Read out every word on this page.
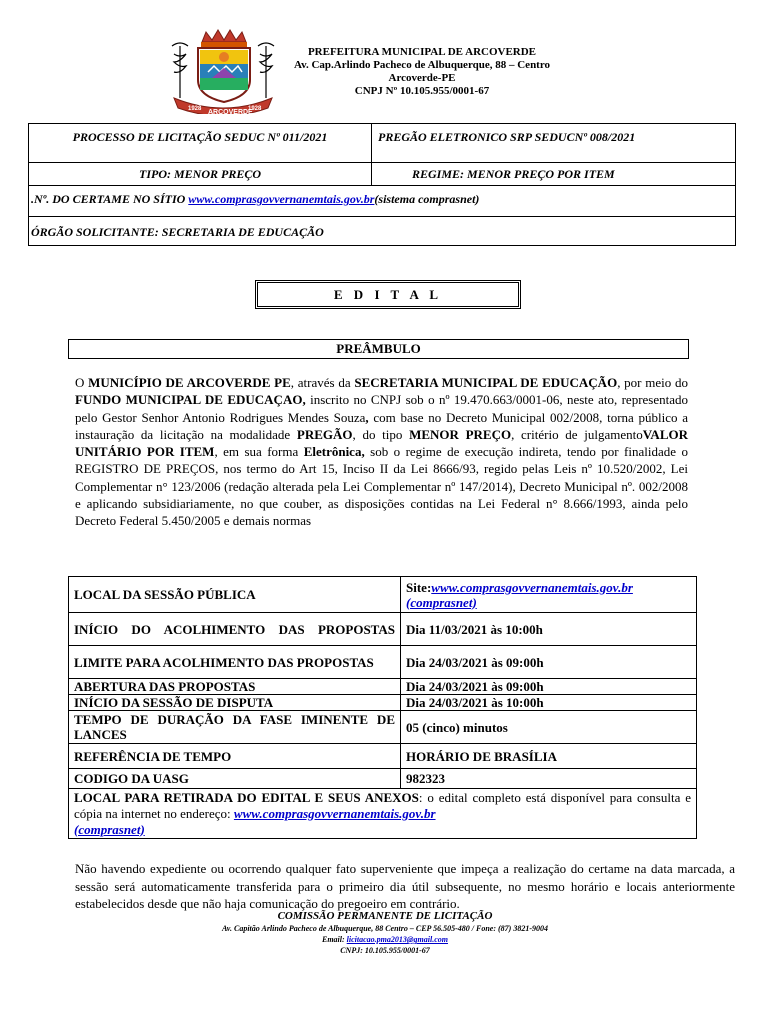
1928 ARCOVERDE
1928
PREFEITURA MUNICIPAL DE ARCOVERDE
Av. Cap.Arlindo Pacheco de Albuquerque, 88 – Centro
Arcoverde-PE
CNPJ Nº 10.105.955/0001-67
PROCESSO DE LICITAÇÃO SEDUC Nº 011/2021	PREGÃO ELETRONICO SRP SEDUCNº 008/2021
TIPO: MENOR PREÇO	REGIME: MENOR PREÇO POR ITEM
.Nº. DO CERTAME NO SÍTIO www.comprasgovvernanemtais.gov.br(sistema comprasnet)
ÓRGÃO SOLICITANTE: SECRETARIA DE EDUCAÇÃO
E D I T A L
PREÂMBULO
O MUNICÍPIO DE ARCOVERDE PE, através da SECRETARIA MUNICIPAL DE EDUCAÇÃO, por meio do FUNDO MUNICIPAL DE EDUCAÇAO, inscrito no CNPJ sob o nº 19.470.663/0001-06, neste ato, representado pelo Gestor Senhor Antonio Rodrigues Mendes Souza, com base no Decreto Municipal 002/2008, torna público a instauração da licitação na modalidade PREGÃO, do tipo MENOR PREÇO, critério de julgamentoVALOR UNITÁRIO POR ITEM, em sua forma Eletrônica, sob o regime de execução indireta, tendo por finalidade o REGISTRO DE PREÇOS, nos termo do Art 15, Inciso II da Lei 8666/93, regido pelas Leis nº 10.520/2002, Lei Complementar n° 123/2006 (redação alterada pela Lei Complementar nº 147/2014), Decreto Municipal nº. 002/2008 e aplicando subsidiariamente, no que couber, as disposições contidas na Lei Federal n° 8.666/1993, ainda pelo Decreto Federal 5.450/2005 e demais normas
LOCAL DA SESSÃO PÚBLICA	Site:www.comprasgovvernanemtais.gov.br
(comprasnet)
INÍCIO DO ACOLHIMENTO DAS PROPOSTAS	Dia 11/03/2021 às 10:00h
LIMITE PARA ACOLHIMENTO DAS PROPOSTAS	Dia 24/03/2021 às 09:00h
ABERTURA DAS PROPOSTAS	Dia 24/03/2021 às 09:00h
INÍCIO DA SESSÃO DE DISPUTA	Dia 24/03/2021 às 10:00h
TEMPO DE DURAÇÃO DA FASE IMINENTE DE LANCES	05 (cinco) minutos
REFERÊNCIA DE TEMPO	HORÁRIO DE BRASÍLIA
CODIGO DA UASG	982323
LOCAL PARA RETIRADA DO EDITAL E SEUS ANEXOS: o edital completo está disponível para consulta e cópia na internet no endereço: www.comprasgovvernanemtais.gov.br
(comprasnet)	
Não havendo expediente ou ocorrendo qualquer fato superveniente que impeça a realização do certame na data marcada, a sessão será automaticamente transferida para o primeiro dia útil subsequente, no mesmo horário e locais anteriormente estabelecidos desde que não haja comunicação do pregoeiro em contrário.
COMISSÃO PERMANENTE DE LICITAÇÃO
Av. Capitão Arlindo Pacheco de Albuquerque, 88 Centro – CEP 56.505-480 / Fone: (87) 3821-9004
Email: licitacao.pma2013@gmail.com
CNPJ: 10.105.955/0001-67
